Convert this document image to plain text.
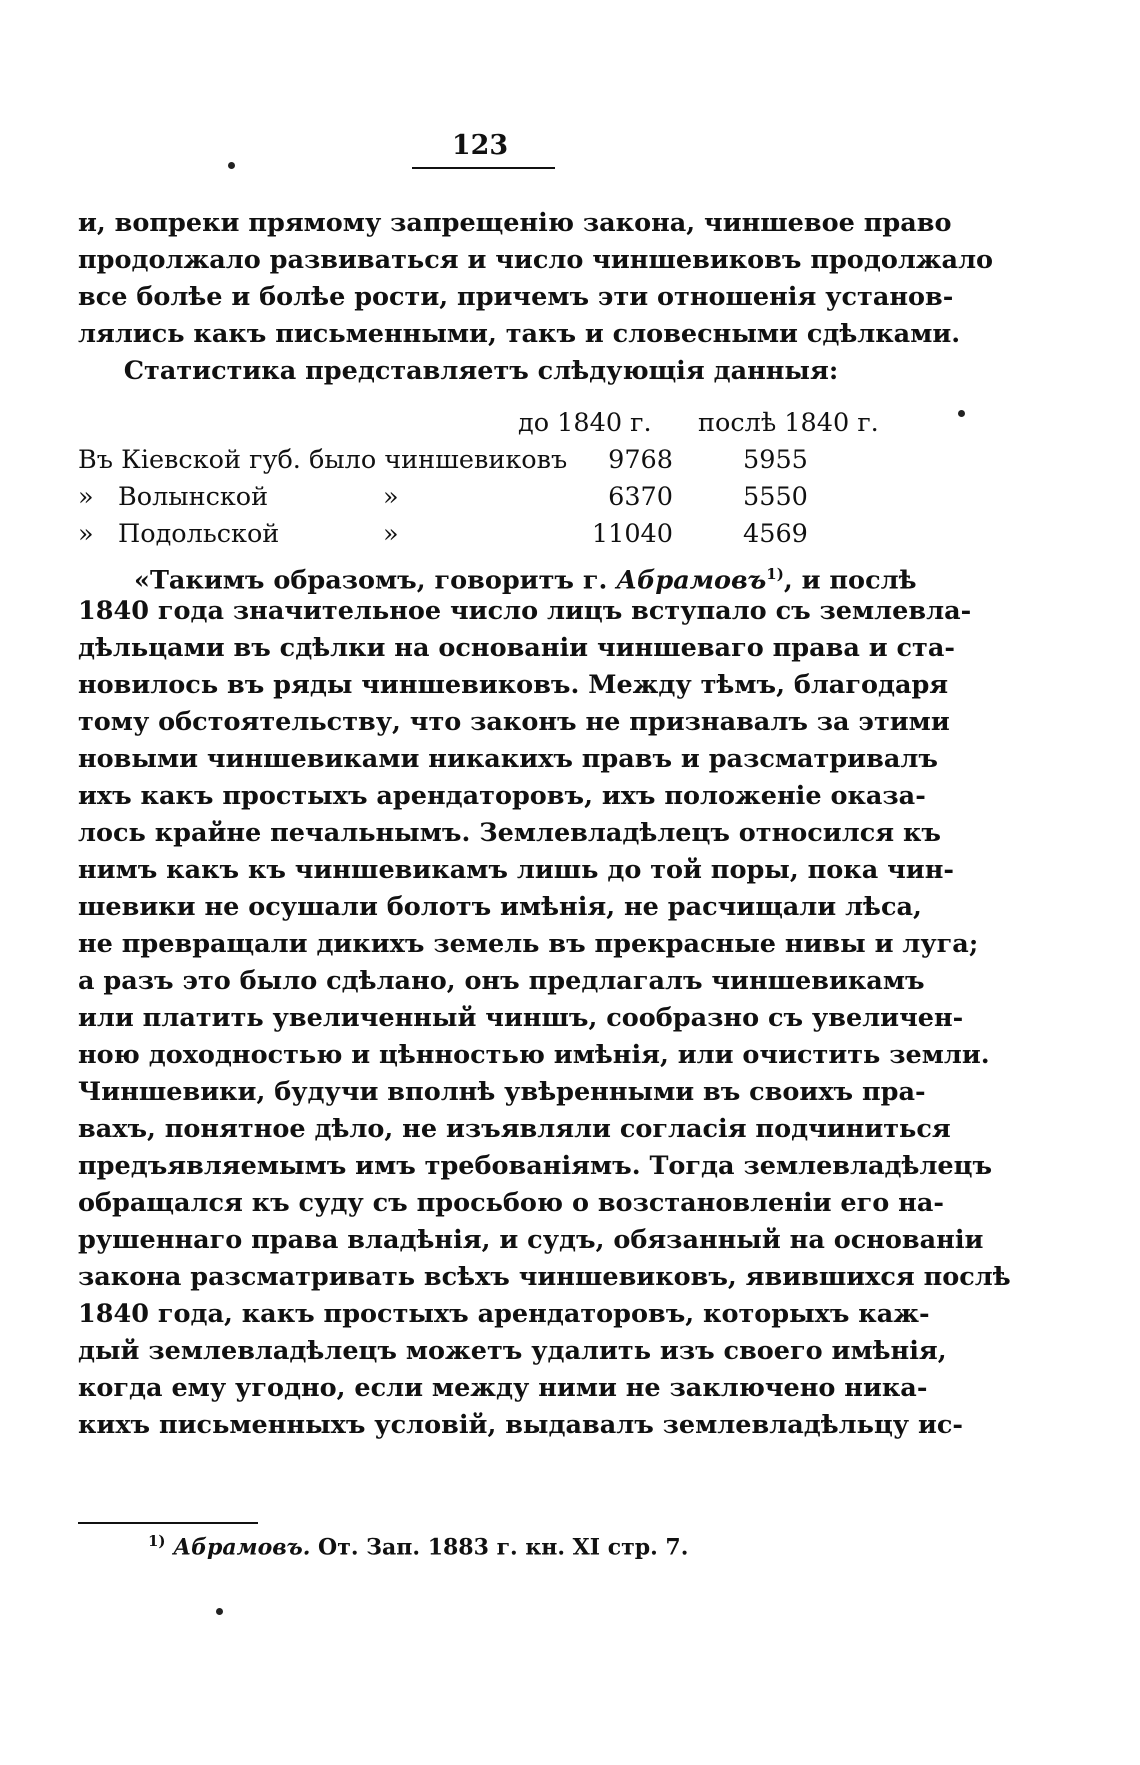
123
и, вопреки прямому запрещенію закона, чиншевое право
продолжало развиваться и число чиншевиковъ продолжало
все болѣе и болѣе рости, причемъ эти отношенія установ-
лялись какъ письменными, такъ и словесными сдѣлками.
Статистика представляетъ слѣдующія данныя:
до 1840 г. послѣ 1840 г.
Въ Кіевской губ. было чиншевиковъ	9768	5955
» Волынской	»	6370	5550
» Подольской	»	11040	4569
«Такимъ образомъ, говоритъ г. Абрамовъ$^{1)}$, и послѣ
1840 года значительное число лицъ вступало съ землевла-
дѣльцами въ сдѣлки на основаніи чиншеваго права и ста-
новилось въ ряды чиншевиковъ. Между тѣмъ, благодаря
тому обстоятельству, что законъ не признавалъ за этими
новыми чиншевиками никакихъ правъ и разсматривалъ
ихъ какъ простыхъ арендаторовъ, ихъ положеніе оказа-
лось крайне печальнымъ. Землевладѣлецъ относился къ
нимъ какъ къ чиншевикамъ лишь до той поры, пока чин-
шевики не осушали болотъ имѣнія, не расчищали лѣса,
не превращали дикихъ земель въ прекрасные нивы и луга;
а разъ это было сдѣлано, онъ предлагалъ чиншевикамъ
или платить увеличенный чиншъ, сообразно съ увеличен-
ною доходностью и цѣнностью имѣнія, или очистить земли.
Чиншевики, будучи вполнѣ увѣренными въ своихъ пра-
вахъ, понятное дѣло, не изъявляли согласія подчиниться
предъявляемымъ имъ требованіямъ. Тогда землевладѣлецъ
обращался къ суду съ просьбою о возстановленіи его на-
рушеннаго права владѣнія, и судъ, обязанный на основаніи
закона разсматривать всѣхъ чиншевиковъ, явившихся послѣ
1840 года, какъ простыхъ арендаторовъ, которыхъ каж-
дый землевладѣлецъ можетъ удалить изъ своего имѣнія,
когда ему угодно, если между ними не заключено ника-
кихъ письменныхъ условій, выдавалъ землевладѣльцу ис-
$^{1)}$ Абрамовъ. От. Зап. 1883 г. кн. XI стр. 7.
